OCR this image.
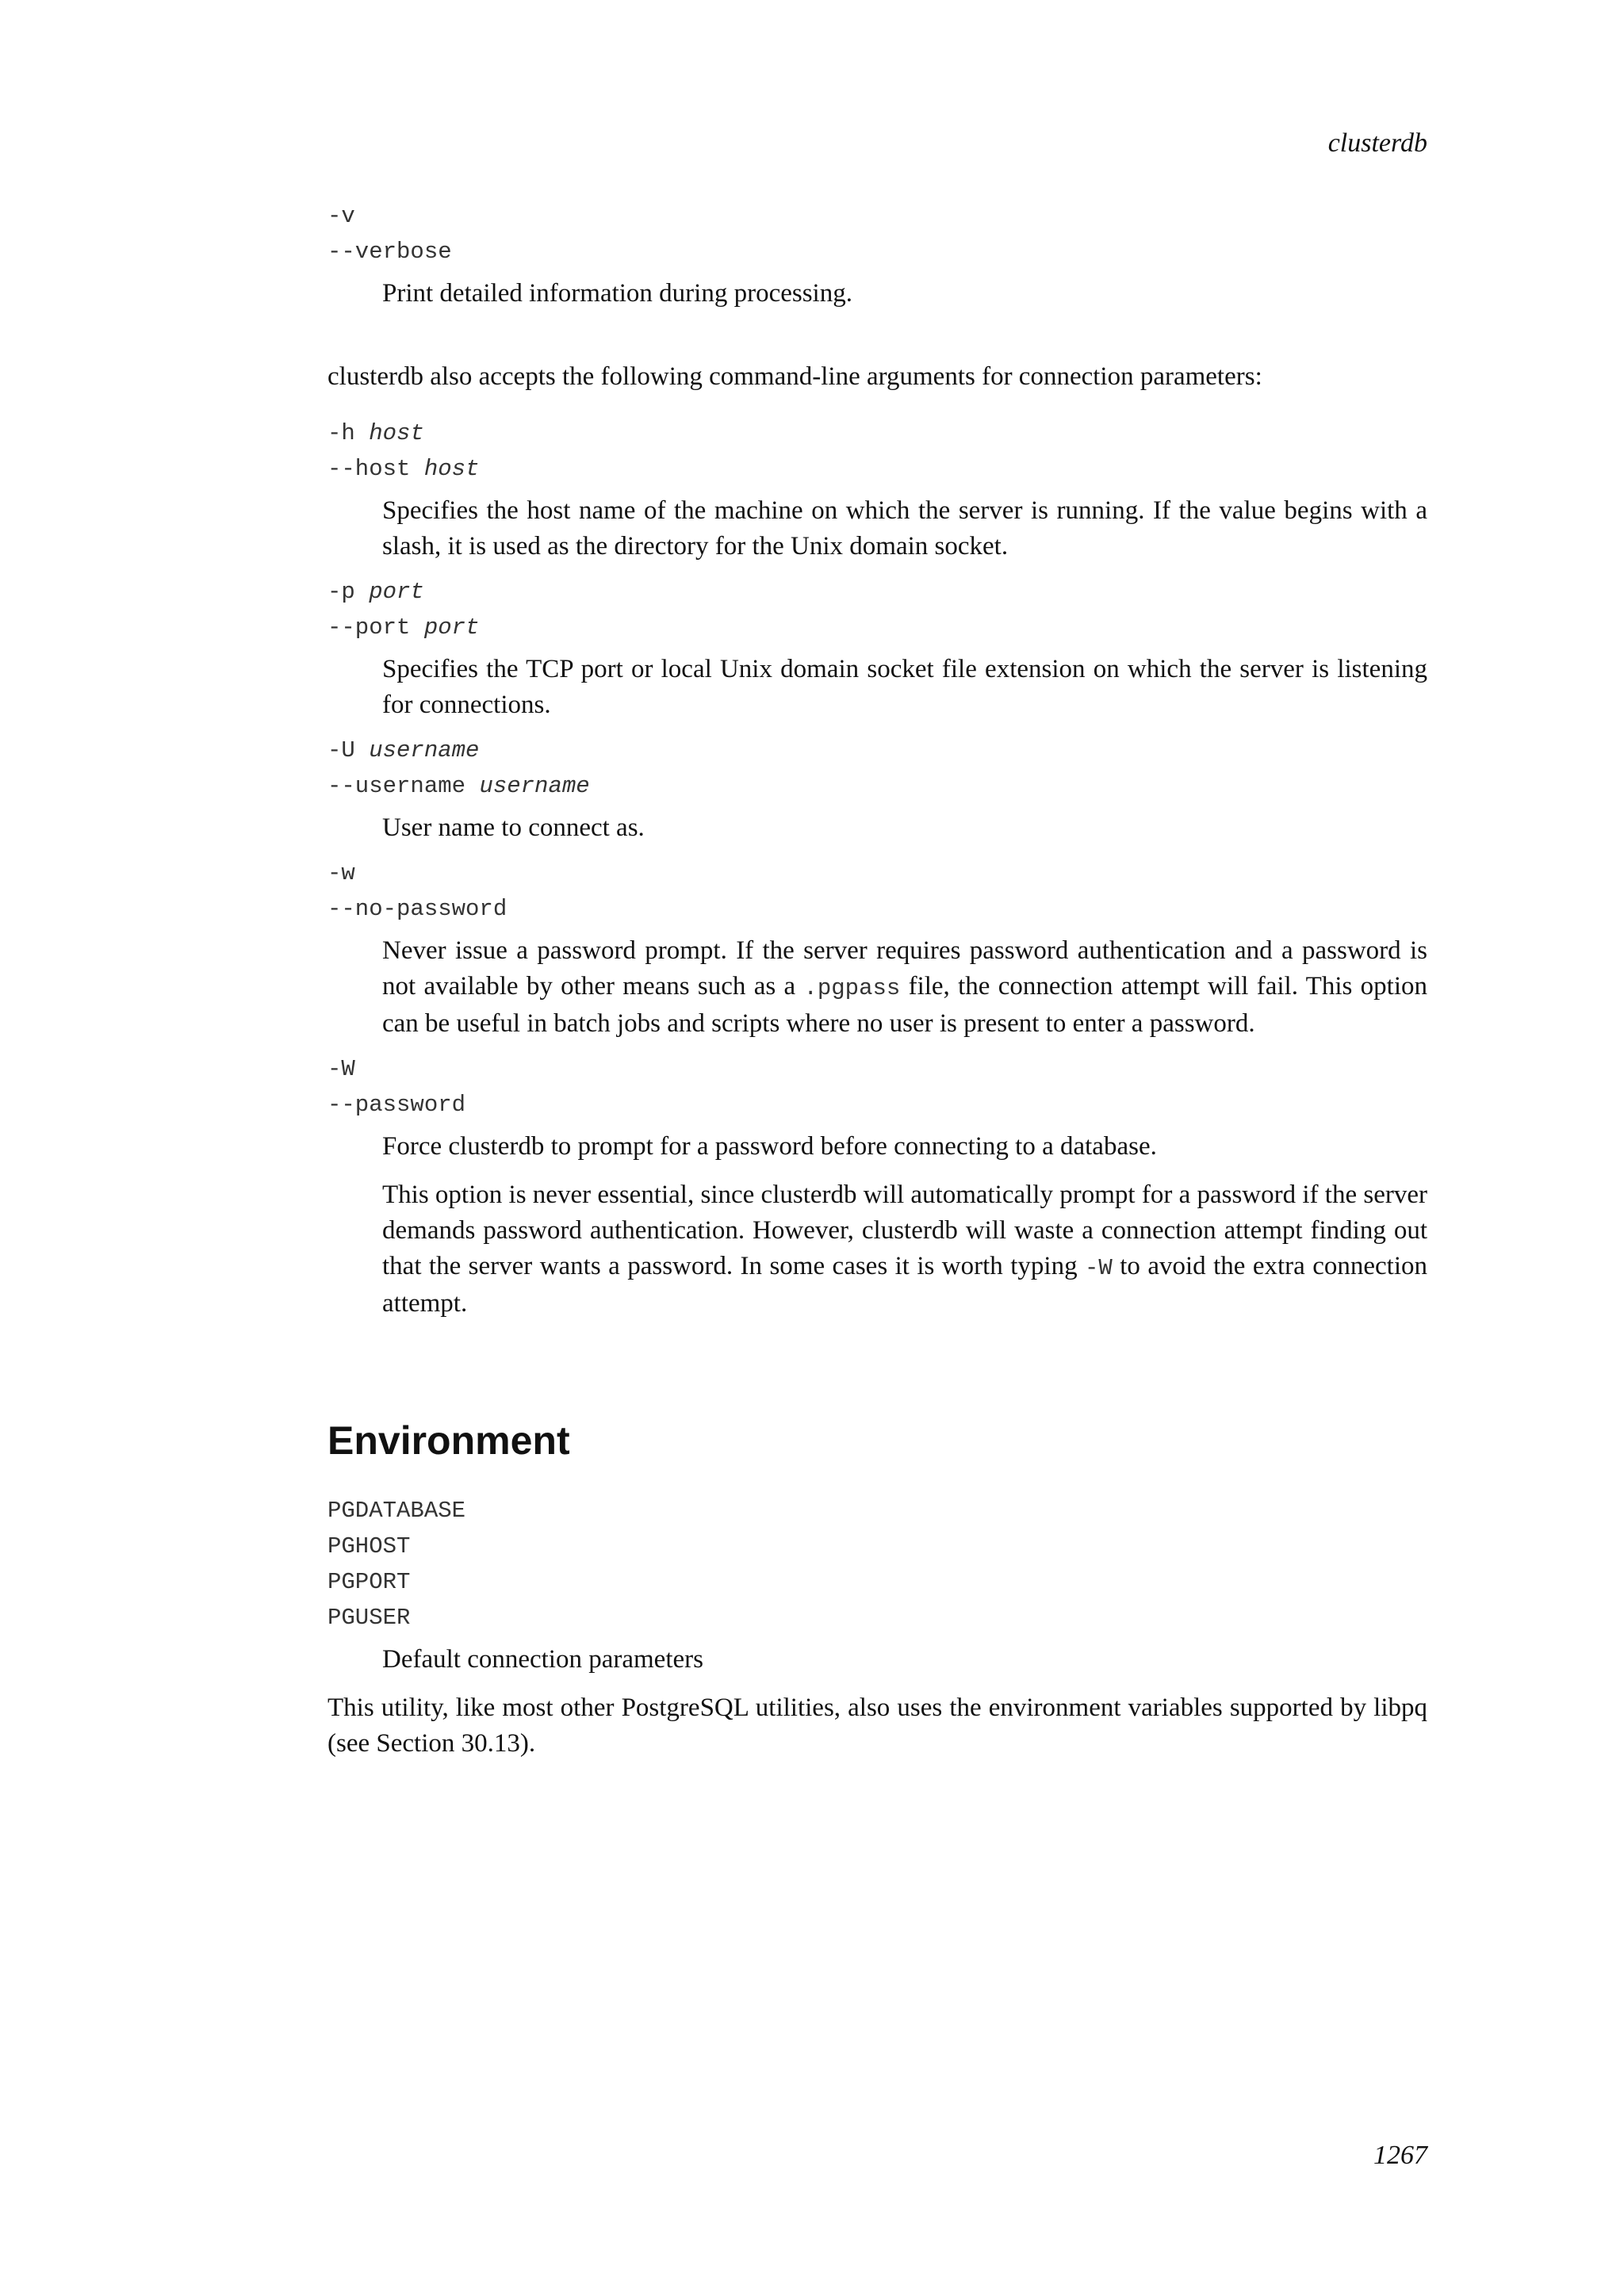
clusterdb
-v
--verbose

Print detailed information during processing.

clusterdb also accepts the following command-line arguments for connection parameters:

-h host
--host host

Specifies the host name of the machine on which the server is running. If the value begins with a slash, it is used as the directory for the Unix domain socket.

-p port
--port port

Specifies the TCP port or local Unix domain socket file extension on which the server is listening for connections.

-U username
--username username

User name to connect as.

-w
--no-password

Never issue a password prompt. If the server requires password authentication and a password is not available by other means such as a .pgpass file, the connection attempt will fail. This option can be useful in batch jobs and scripts where no user is present to enter a password.

-W
--password

Force clusterdb to prompt for a password before connecting to a database.

This option is never essential, since clusterdb will automatically prompt for a password if the server demands password authentication. However, clusterdb will waste a connection attempt finding out that the server wants a password. In some cases it is worth typing -W to avoid the extra connection attempt.

Environment
PGDATABASE
PGHOST
PGPORT
PGUSER

Default connection parameters

This utility, like most other PostgreSQL utilities, also uses the environment variables supported by libpq (see Section 30.13).

1267
